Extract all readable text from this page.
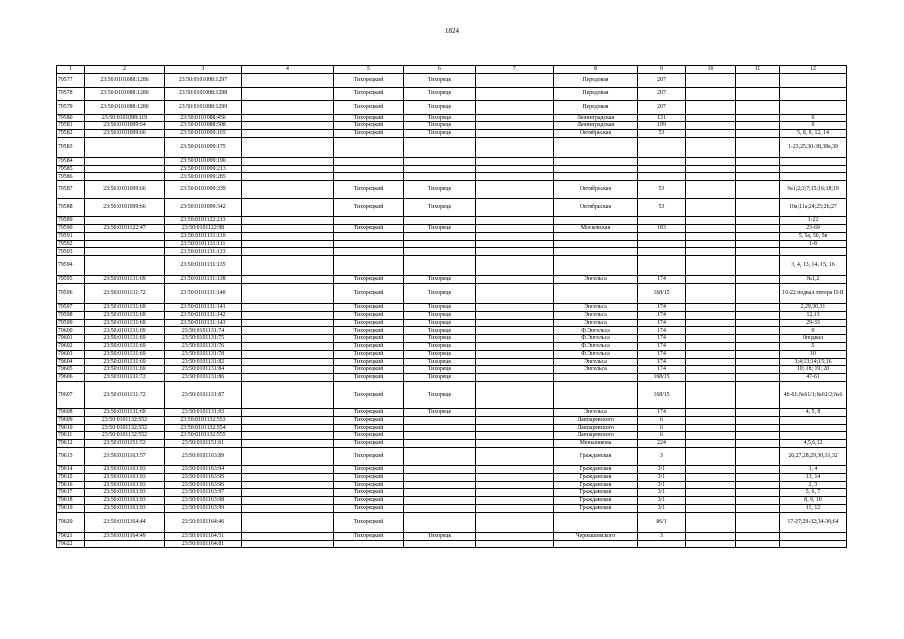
1824
1	2	3	4	5	6	7	8	9	10	11	12
79577	23:50:0101088:1286	23:50:0101088:1297		Тихорецкий	Тихорецк		Передовая	207			
79578	23:50:0101088:1286	23:50:0101088:1298		Тихорецкий	Тихорецк		Передовая	207			
79579	23:50:0101088:1286	23:50:0101088:1299		Тихорецкий	Тихорецк		Передовая	207			
79580	23:50:0101088:119	23:50:0101088:450		Тихорецкий	Тихорецк		Ленинградская	131			0
79581	23:50:0101099:64	23:50:0101088:508		Тихорецкий	Тихорецк		Ленинградская	199			0
79582	23:50:0101099:66	23:50:0101099:165		Тихорецкий	Тихорецк		Октябрьская	53			5, 8, 9, 12, 14
79583		23:50:0101099:175									1-23,25,30-38,38a,39
79584		23:50:0101099:190									
79585		23:50:0101099:213									
79586		23:50:0101099:285									
79587	23:50:0101099:66	23:50:0101099:339		Тихорецкий	Тихорецк		Октябрьская	53			№1;2;3;7;15;16;18;19
79588	23:50:0101099:66	23:50:0101099:342		Тихорецкий	Тихорецк		Октябрьская	53			10а;11а;24;25;26;27
79589		23:50:0101122:213									1-22
79590	23:50:0101122:47	23:50:0101122:98		Тихорецкий	Тихорецк		Московская	183			23-69
79591		23:50:0101131:110									5, 5а, 5б, 5в
79592		23:50:0101131:111									1-8
79593		23:50:0101131:133									
79594		23:50:0101131:135									3, 4, 13, 14, 15, 16
79595	23:50:0101131:69	23:50:0101131:138		Тихорецкий	Тихорецк		Энгельса	174			№1,2
79596	23:50:0101131:72	23:50:0101131:140		Тихорецкий	Тихорецк			168/15			16-22 подвал литера П-II
79597	23:50:0101131:69	23:50:0101131:141		Тихорецкий	Тихорецк		Энгельса	174			2,29,30,31
79598	23:50:0101131:69	23:50:0101131:142		Тихорецкий	Тихорецк		Энгельса	174			12,13
79599	23:50:0101131:69	23:50:0101131:143		Тихорецкий	Тихорецк		Энгельса	174			29-33
79600	23:50:0101131:69	23:50:0101131:74		Тихорецкий	Тихорецк		Ф.Энгельса	174			0
79601	23:50:0101131:69	23:50:0101131:75		Тихорецкий	Тихорецк		Ф.Энгельса	174			0подвал
79602	23:50:0101131:69	23:50:0101131:76		Тихорецкий	Тихорецк		Ф.Энгельса	174			5
79603	23:50:0101131:69	23:50:0101131:78		Тихорецкий	Тихорецк		Ф.Энгельса	174			10
79604	23:50:0101131:69	23:50:0101131:82		Тихорецкий	Тихорецк		Энгельса	174			3;4;13;14;15;16
79605	23:50:0101131:69	23:50:0101131:84		Тихорецкий	Тихорецк		Энгельса	174			10; 18; 19; 20
79606	23:50:0101131:72	23:50:0101131:86		Тихорецкий	Тихорецк			168/15			47-61
79607	23:50:0101131:72	23:50:0101131:87		Тихорецкий	Тихорецк			168/15			46-61;№61/1;№61/2;№6
79608	23:50:0101131:69	23:50:0101131:93		Тихорецкий	Тихорецк		Энгельса	174			4, 5, 8
79609	23:50:0101132:552	23:50:0101132:553		Тихорецкий			Лаппаревского	6			
79610	23:50:0101132:552	23:50:0101132:554		Тихорецкий			Лаппаревского	6			
79611	23:50:0101132:552	23:50:0101132:555		Тихорецкий			Лаппаревского	6			
79612	23:50:0101151:53	23:50:0101151:61		Тихорецкий			Меньшикова	224			4,5,6,12
79613	23:50:0101163:57	23:50:0101163:89		Тихорецкий			Гражданская	3			26,27,28,29,30,31,32
79614	23:50:0101163:93	23:50:0101163:94		Тихорецкий			Гражданская	3/1			1, 4
79615	23:50:0101163:93	23:50:0101163:95		Тихорецкий			Гражданская	3/1			13, 14
79616	23:50:0101163:93	23:50:0101163:96		Тихорецкий			Гражданская	3/1			2, 3
79617	23:50:0101163:93	23:50:0101163:97		Тихорецкий			Гражданская	3/1			5, 6, 7
79618	23:50:0101163:93	23:50:0101163:98		Тихорецкий			Гражданская	3/1			8, 9, 10
79619	23:50:0101163:93	23:50:0101163:99		Тихорецкий			Гражданская	3/1			11, 12
79620	23:50:0101164:44	23:50:0101164:46		Тихорецкий				86/1			17-27;29-32;34-36;64
79621	23:50:0101164:49	23:50:0101164:51		Тихорецкий	Тихорецк		Чернышевского	3			
79622		23:50:0101164:81									
